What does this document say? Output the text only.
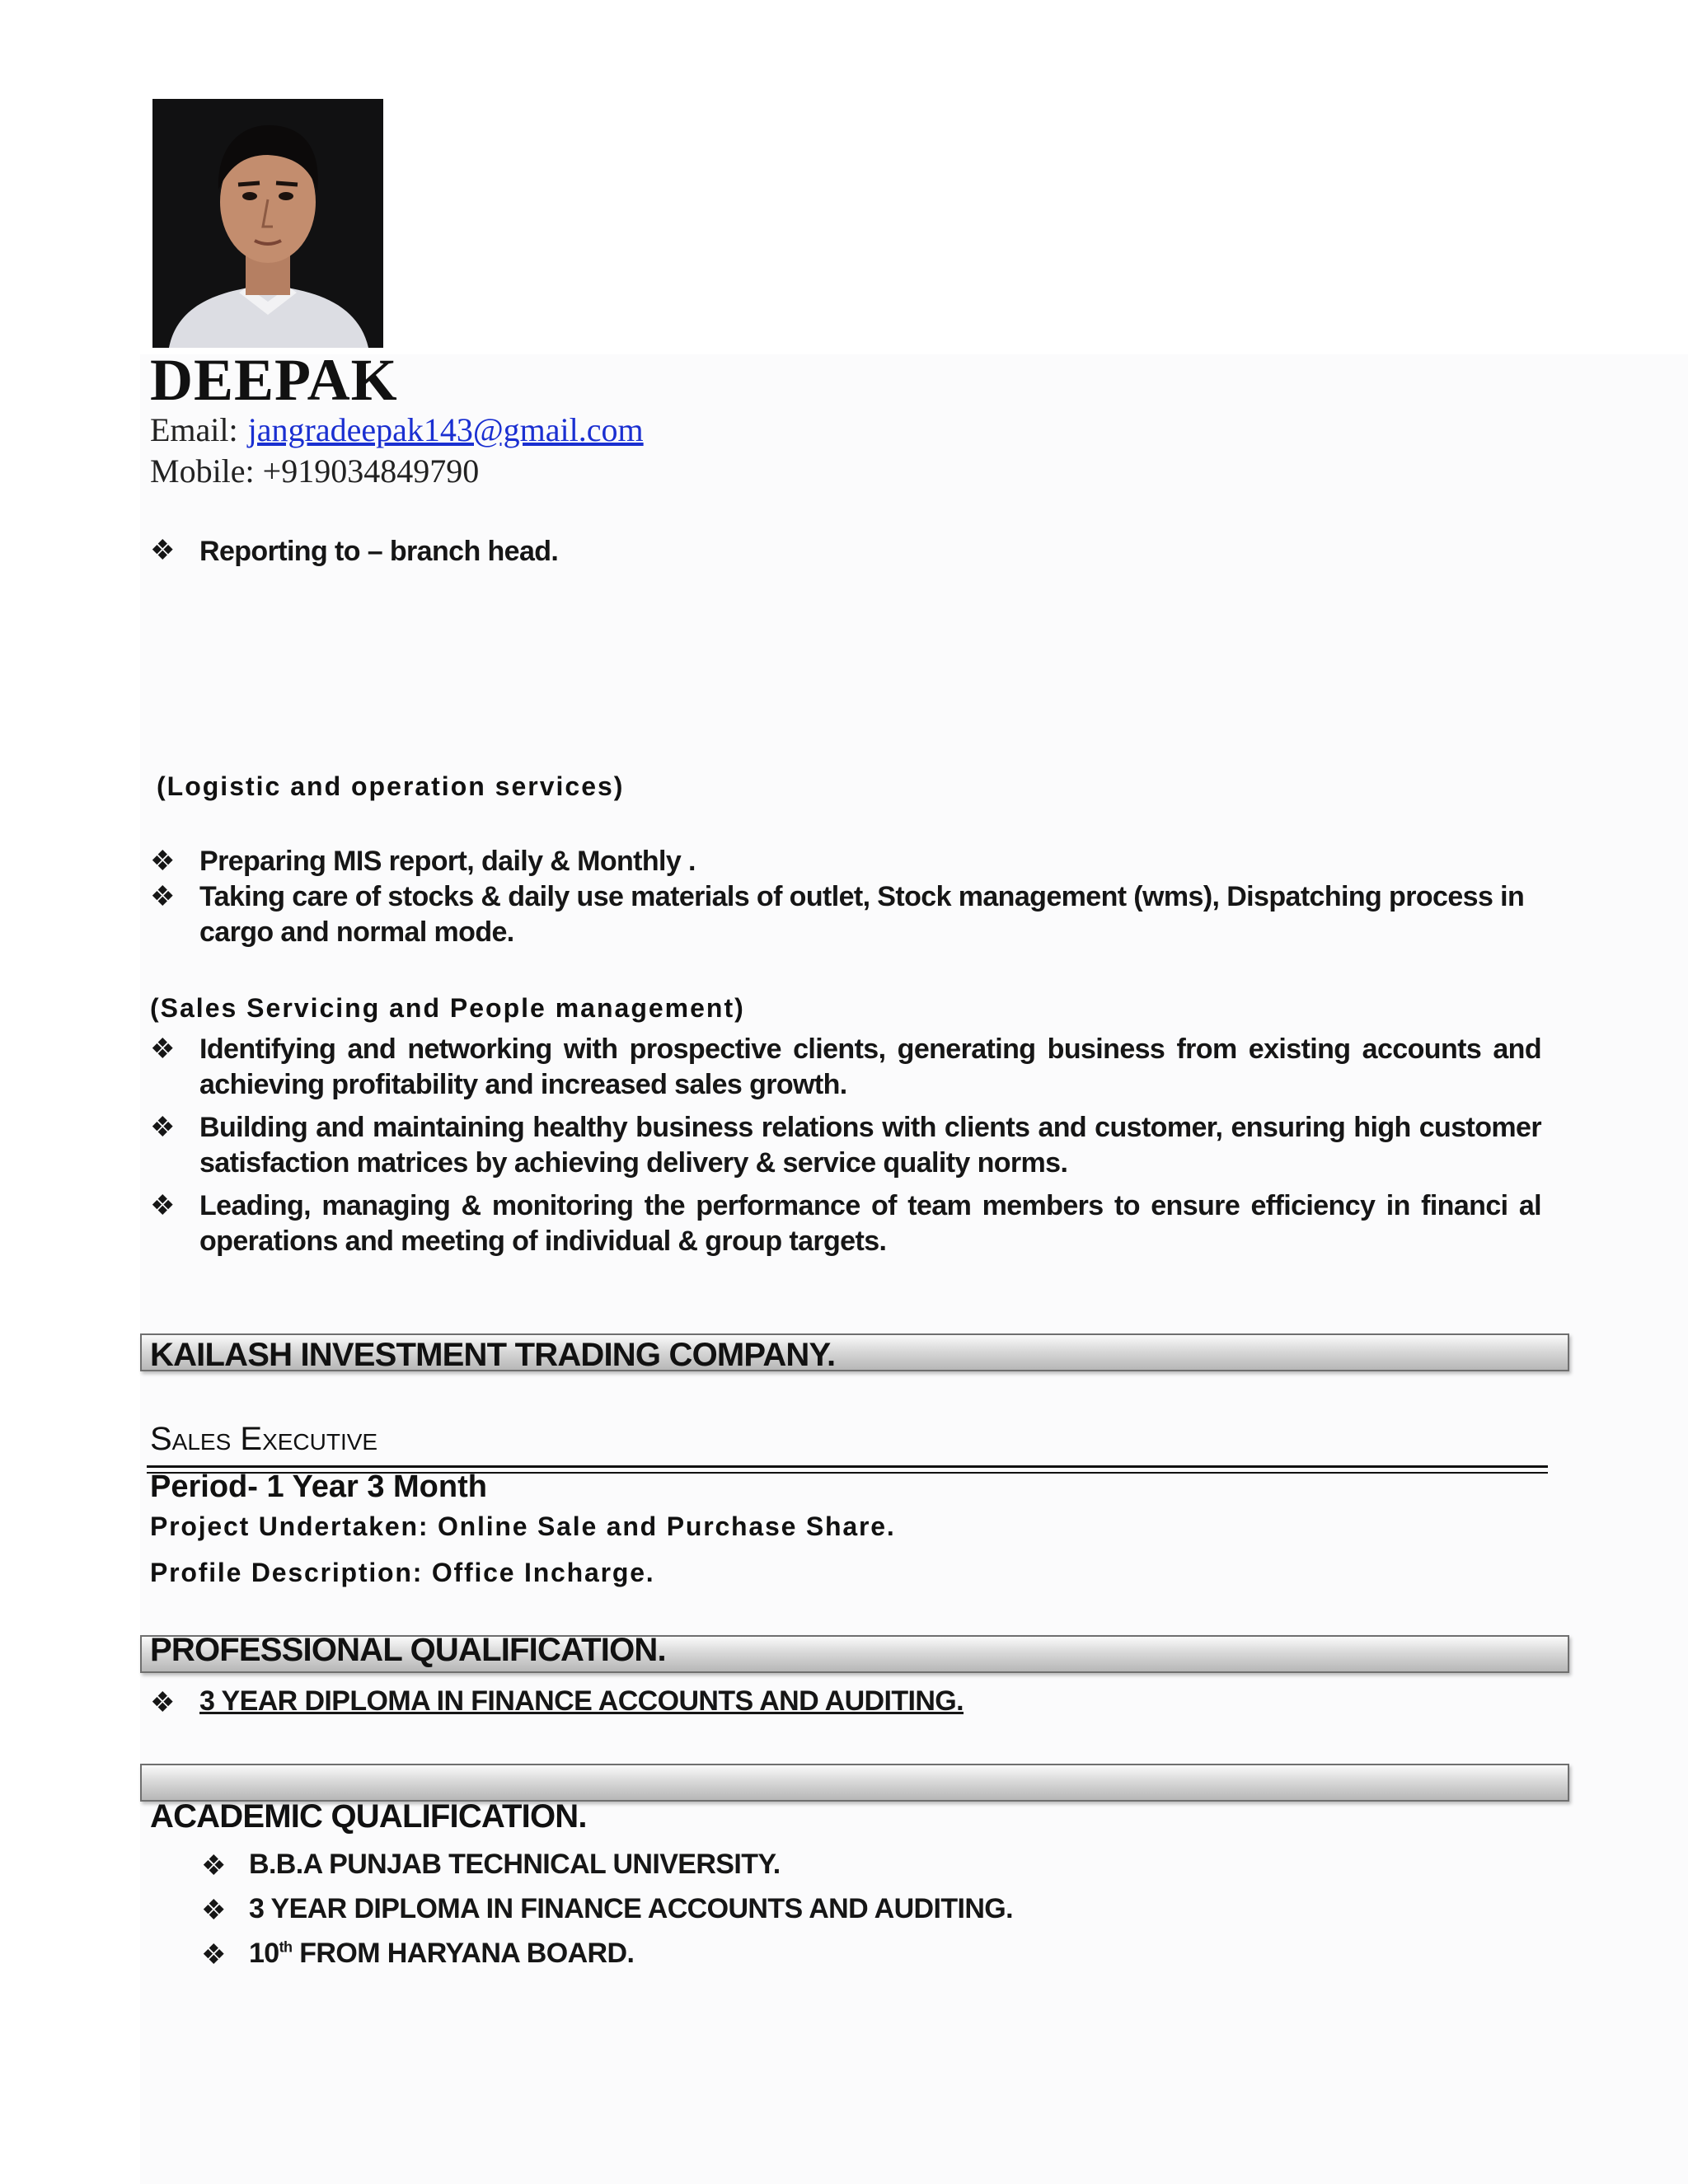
DEEPAK
Email: jangradeepak143@gmail.com
Mobile: +919034849790
❖ Reporting to – branch head.
(Logistic and operation services)
❖ Preparing MIS report, daily & Monthly .
❖ Taking care of stocks & daily use materials of outlet, Stock management (wms), Dispatching process in cargo and normal mode.
(Sales Servicing and People management)
❖ Identifying and networking with prospective clients, generating business from existing accounts and achieving profitability and increased sales growth.
❖ Building and maintaining healthy business relations with clients and customer, ensuring high customer satisfaction matrices by achieving delivery & service quality norms.
❖ Leading, managing & monitoring the performance of team members to ensure efficiency in financi al operations and meeting of individual & group targets.
KAILASH INVESTMENT TRADING COMPANY.
Sales Executive
Period- 1 Year 3 Month
Project Undertaken: Online Sale and Purchase Share.
Profile Description: Office Incharge.
PROFESSIONAL QUALIFICATION.
❖ 3 YEAR DIPLOMA IN FINANCE ACCOUNTS AND AUDITING.
ACADEMIC QUALIFICATION.
❖ B.B.A PUNJAB TECHNICAL UNIVERSITY.
❖ 3 YEAR DIPLOMA IN FINANCE ACCOUNTS AND AUDITING.
❖ 10th FROM HARYANA BOARD.
